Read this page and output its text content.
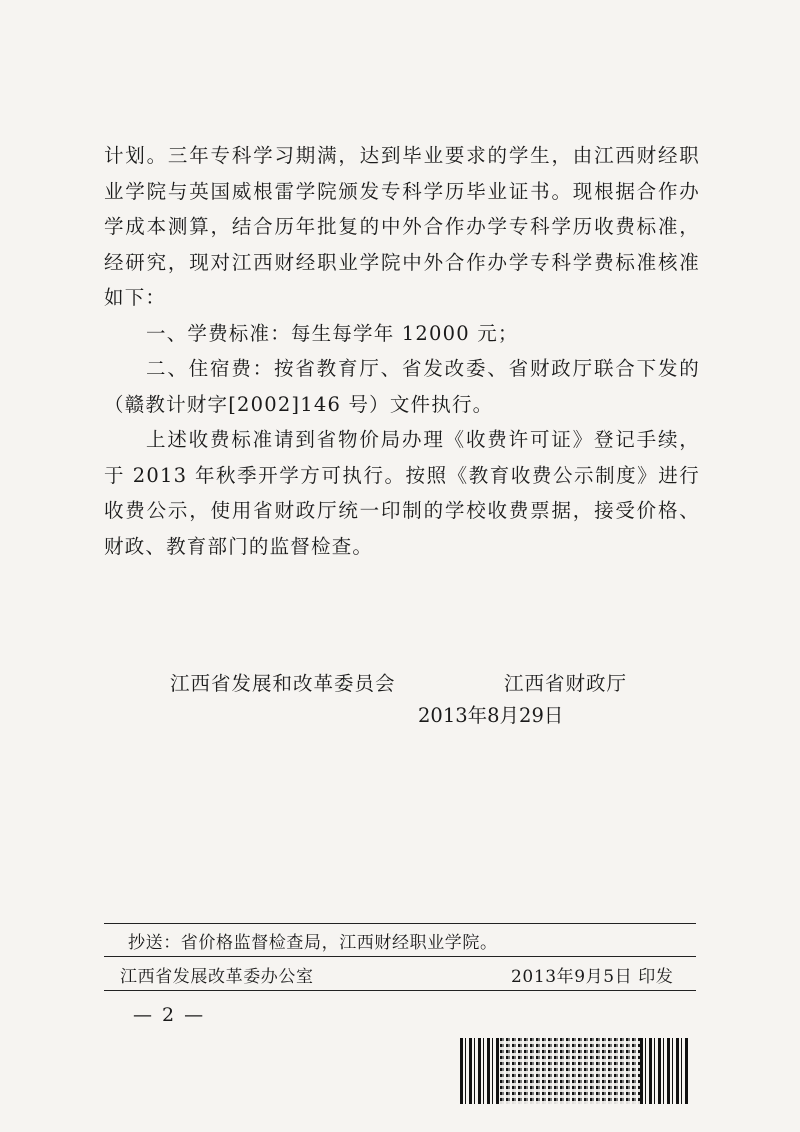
计划。三年专科学习期满，达到毕业要求的学生，由江西财经职业学院与英国威根雷学院颁发专科学历毕业证书。现根据合作办学成本测算，结合历年批复的中外合作办学专科学历收费标准，经研究，现对江西财经职业学院中外合作办学专科学费标准核准如下：

一、学费标准：每生每学年 12000 元；

二、住宿费：按省教育厅、省发改委、省财政厅联合下发的（赣教计财字[2002]146 号）文件执行。

上述收费标准请到省物价局办理《收费许可证》登记手续，于 2013 年秋季开学方可执行。按照《教育收费公示制度》进行收费公示，使用省财政厅统一印制的学校收费票据，接受价格、财政、教育部门的监督检查。

江西省发展和改革委员会	江西省财政厅
2013年8月29日
抄送：省价格监督检查局，江西财经职业学院。
江西省发展改革委办公室	2013年9月5日 印发
— 2 —
